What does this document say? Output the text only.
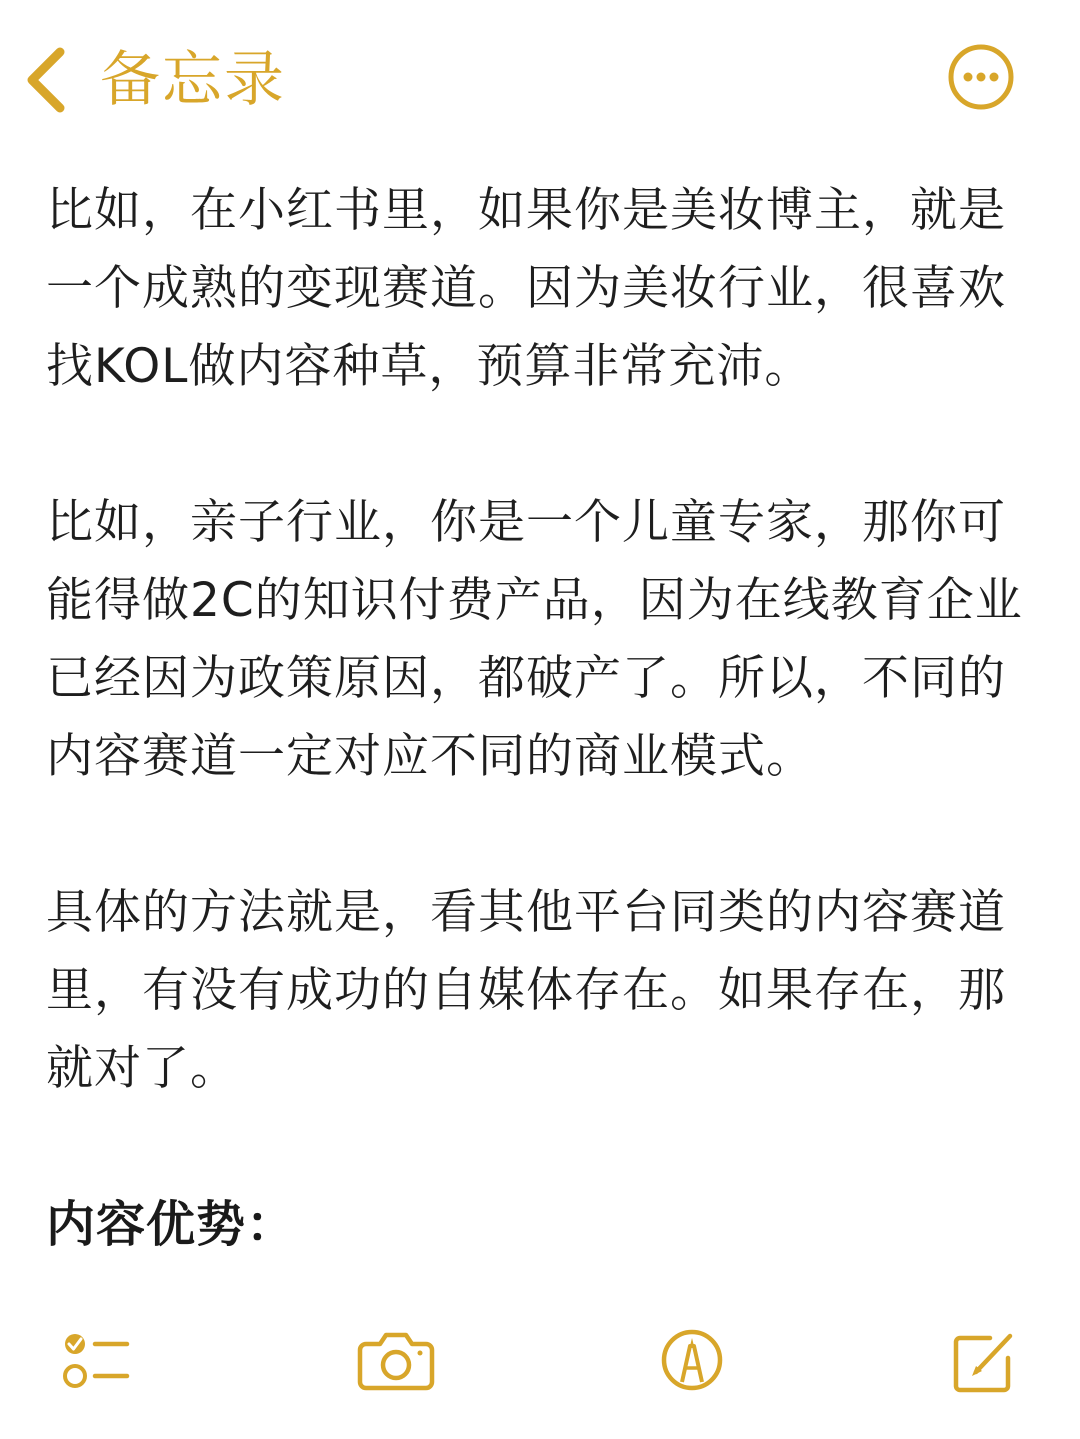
备忘录

比如，在小红书里，如果你是美妆博主，就是一个成熟的变现赛道。因为美妆行业，很喜欢找KOL做内容种草，预算非常充沛。

比如，亲子行业，你是一个儿童专家，那你可能得做2C的知识付费产品，因为在线教育企业已经因为政策原因，都破产了。所以，不同的内容赛道一定对应不同的商业模式。

具体的方法就是，看其他平台同类的内容赛道里，有没有成功的自媒体存在。如果存在，那就对了。

内容优势：
